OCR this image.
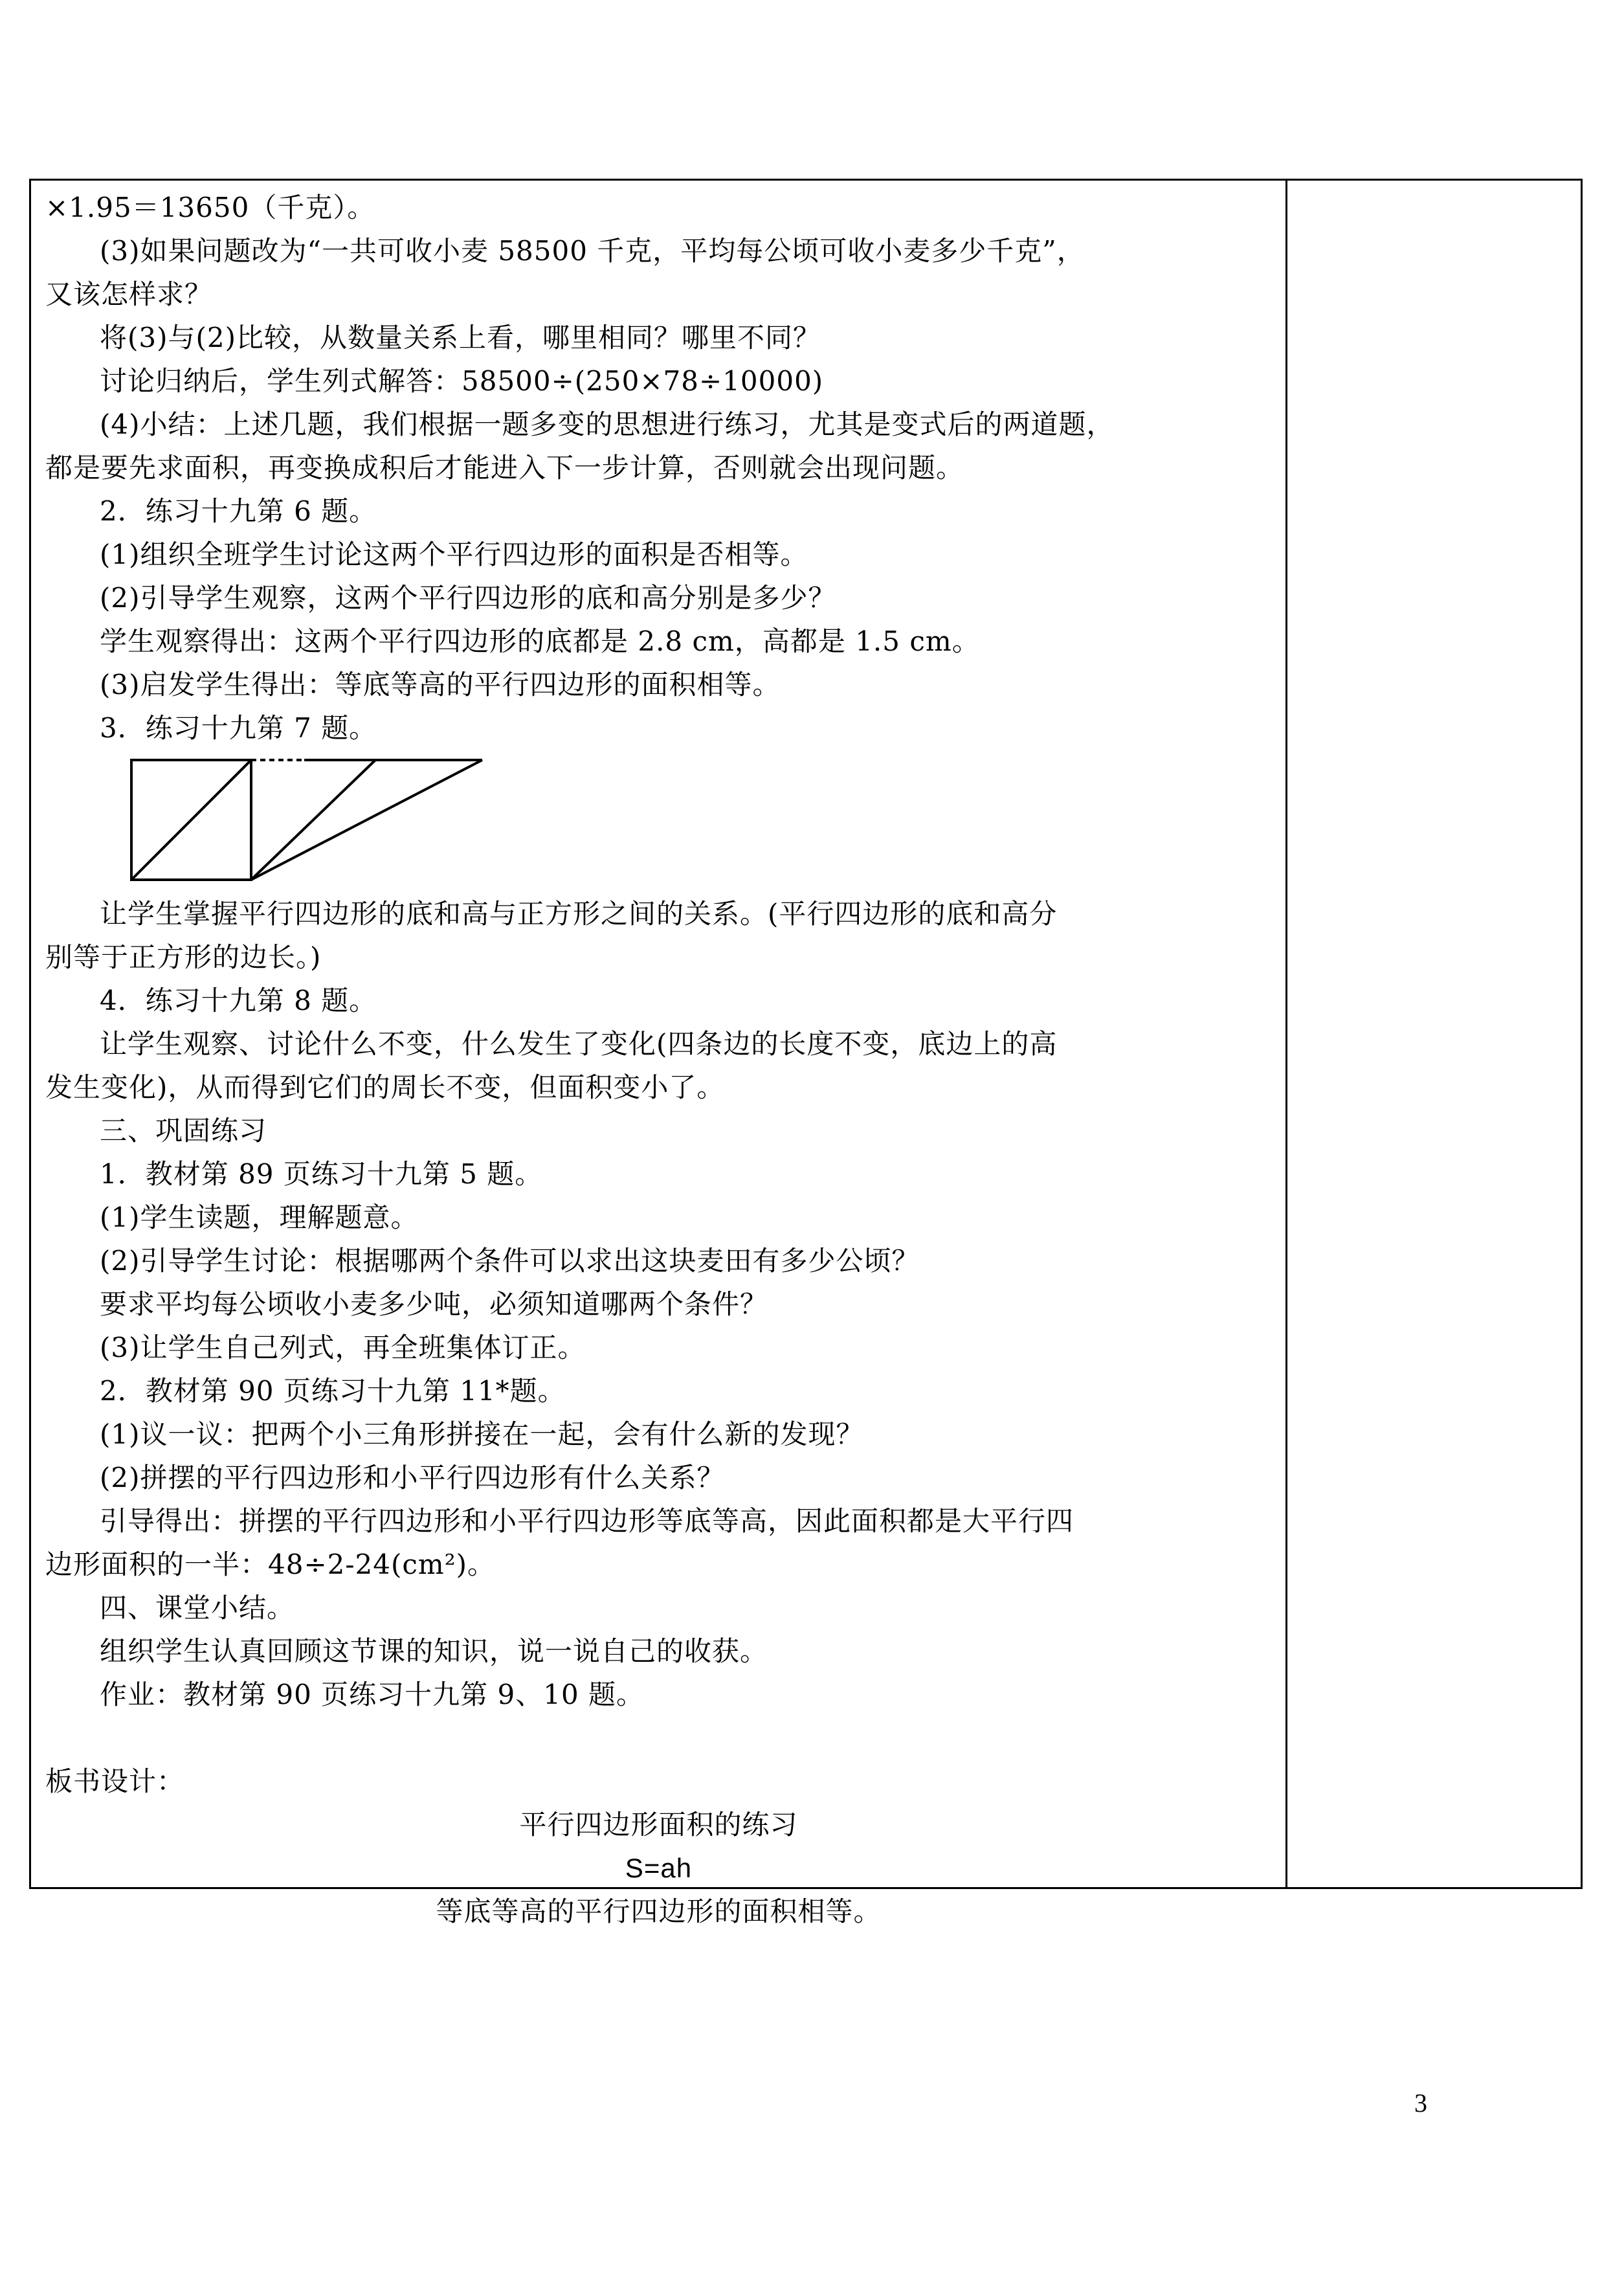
×1.95＝13650（千克）。
(3)如果问题改为“一共可收小麦 58500 千克，平均每公顷可收小麦多少千克”，
又该怎样求？
将(3)与(2)比较，从数量关系上看，哪里相同？哪里不同？
讨论归纳后，学生列式解答：58500÷(250×78÷10000)
(4)小结：上述几题，我们根据一题多变的思想进行练习，尤其是变式后的两道题，
都是要先求面积，再变换成积后才能进入下一步计算，否则就会出现问题。
2．练习十九第 6 题。
(1)组织全班学生讨论这两个平行四边形的面积是否相等。
(2)引导学生观察，这两个平行四边形的底和高分别是多少？
学生观察得出：这两个平行四边形的底都是 2.8 cm，高都是 1.5 cm。
(3)启发学生得出：等底等高的平行四边形的面积相等。
3．练习十九第 7 题。
让学生掌握平行四边形的底和高与正方形之间的关系。(平行四边形的底和高分
别等于正方形的边长。)
4．练习十九第 8 题。
让学生观察、讨论什么不变，什么发生了变化(四条边的长度不变，底边上的高
发生变化)，从而得到它们的周长不变，但面积变小了。
三、巩固练习
1．教材第 89 页练习十九第 5 题。
(1)学生读题，理解题意。
(2)引导学生讨论：根据哪两个条件可以求出这块麦田有多少公顷？
要求平均每公顷收小麦多少吨，必须知道哪两个条件？
(3)让学生自己列式，再全班集体订正。
2．教材第 90 页练习十九第 11*题。
(1)议一议：把两个小三角形拼接在一起，会有什么新的发现？
(2)拼摆的平行四边形和小平行四边形有什么关系？
引导得出：拼摆的平行四边形和小平行四边形等底等高，因此面积都是大平行四
边形面积的一半：48÷2-24(cm²)。
四、课堂小结。
组织学生认真回顾这节课的知识，说一说自己的收获。
作业：教材第 90 页练习十九第 9、10 题。
板书设计：
平行四边形面积的练习
S=ah
等底等高的平行四边形的面积相等。
3
